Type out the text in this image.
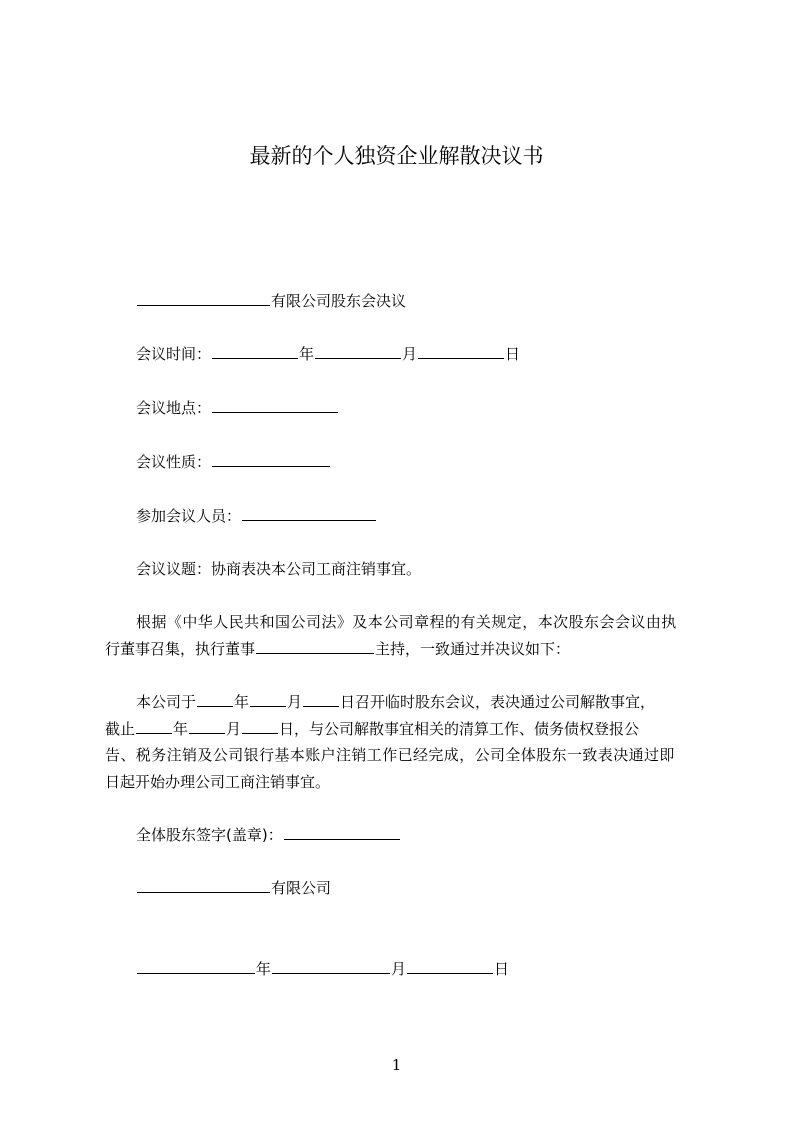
最新的个人独资企业解散决议书
有限公司股东会决议
会议时间：	年	月	日
会议地点：
会议性质：
参加会议人员：
会议议题：协商表决本公司工商注销事宜。
根据《中华人民共和国公司法》及本公司章程的有关规定，本次股东会会议由执
行董事召集，执行董事	主持，一致通过并决议如下：
本公司于	年	月	日召开临时股东会议，表决通过公司解散事宜，
截止	年	月	日，与公司解散事宜相关的清算工作、债务债权登报公
告、税务注销及公司银行基本账户注销工作已经完成，公司全体股东一致表决通过即
日起开始办理公司工商注销事宜。
全体股东签字(盖章)：
有限公司
年	月	日
1
